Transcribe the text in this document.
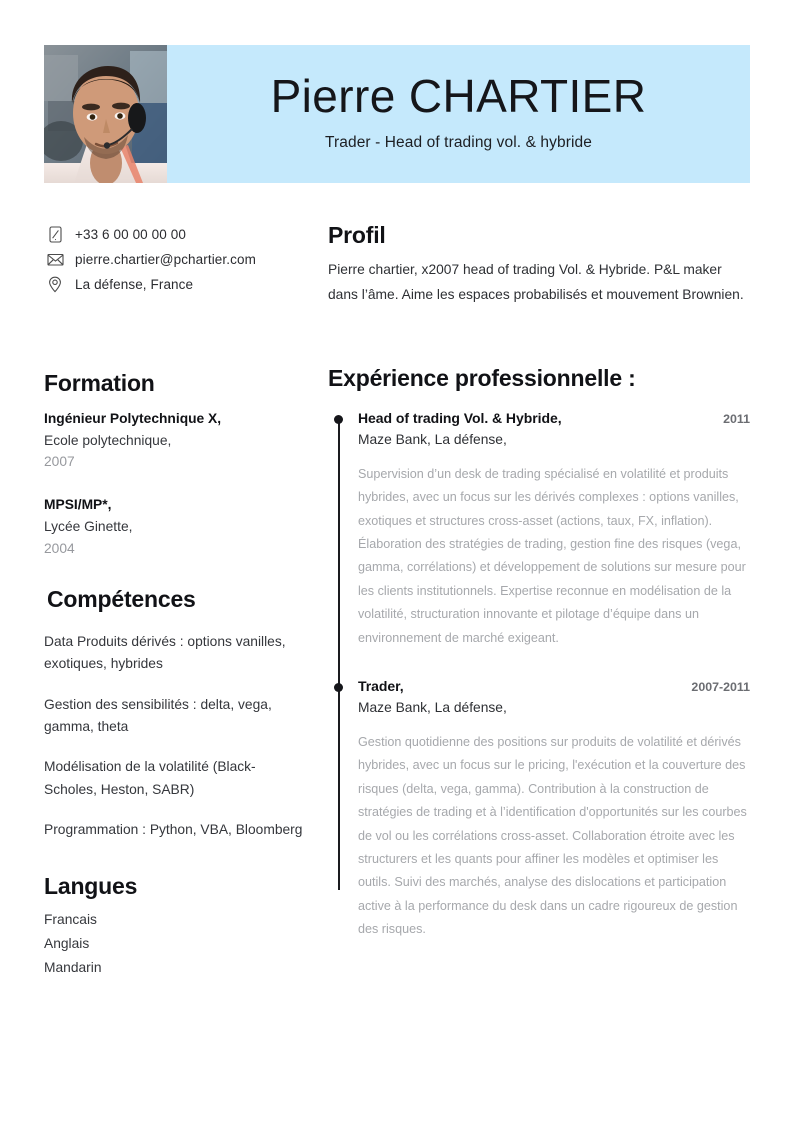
Pierre CHARTIER
Trader - Head of trading vol. & hybride
+33 6 00 00 00 00
pierre.chartier@pchartier.com
La défense, France
Formation
Ingénieur Polytechnique X,
Ecole polytechnique,
2007
MPSI/MP*,
Lycée Ginette,
2004
Compétences
Data Produits dérivés : options vanilles, exotiques, hybrides
Gestion des sensibilités : delta, vega, gamma, theta
Modélisation de la volatilité (Black-Scholes, Heston, SABR)
Programmation : Python, VBA, Bloomberg
Langues
Francais
Anglais
Mandarin
Profil
Pierre chartier, x2007 head of trading Vol. & Hybride. P&L maker dans l’âme. Aime les espaces probabilisés et mouvement Brownien.
Expérience professionnelle :
Head of trading Vol. & Hybride,	2011
Maze Bank, La défense,
Supervision d’un desk de trading spécialisé en volatilité et produits hybrides, avec un focus sur les dérivés complexes : options vanilles, exotiques et structures cross-asset (actions, taux, FX, inflation). Élaboration des stratégies de trading, gestion fine des risques (vega, gamma, corrélations) et développement de solutions sur mesure pour les clients institutionnels. Expertise reconnue en modélisation de la volatilité, structuration innovante et pilotage d’équipe dans un environnement de marché exigeant.
Trader,	2007-2011
Maze Bank, La défense,
Gestion quotidienne des positions sur produits de volatilité et dérivés hybrides, avec un focus sur le pricing, l'exécution et la couverture des risques (delta, vega, gamma). Contribution à la construction de stratégies de trading et à l’identification d'opportunités sur les courbes de vol ou les corrélations cross-asset. Collaboration étroite avec les structurers et les quants pour affiner les modèles et optimiser les outils. Suivi des marchés, analyse des dislocations et participation active à la performance du desk dans un cadre rigoureux de gestion des risques.
